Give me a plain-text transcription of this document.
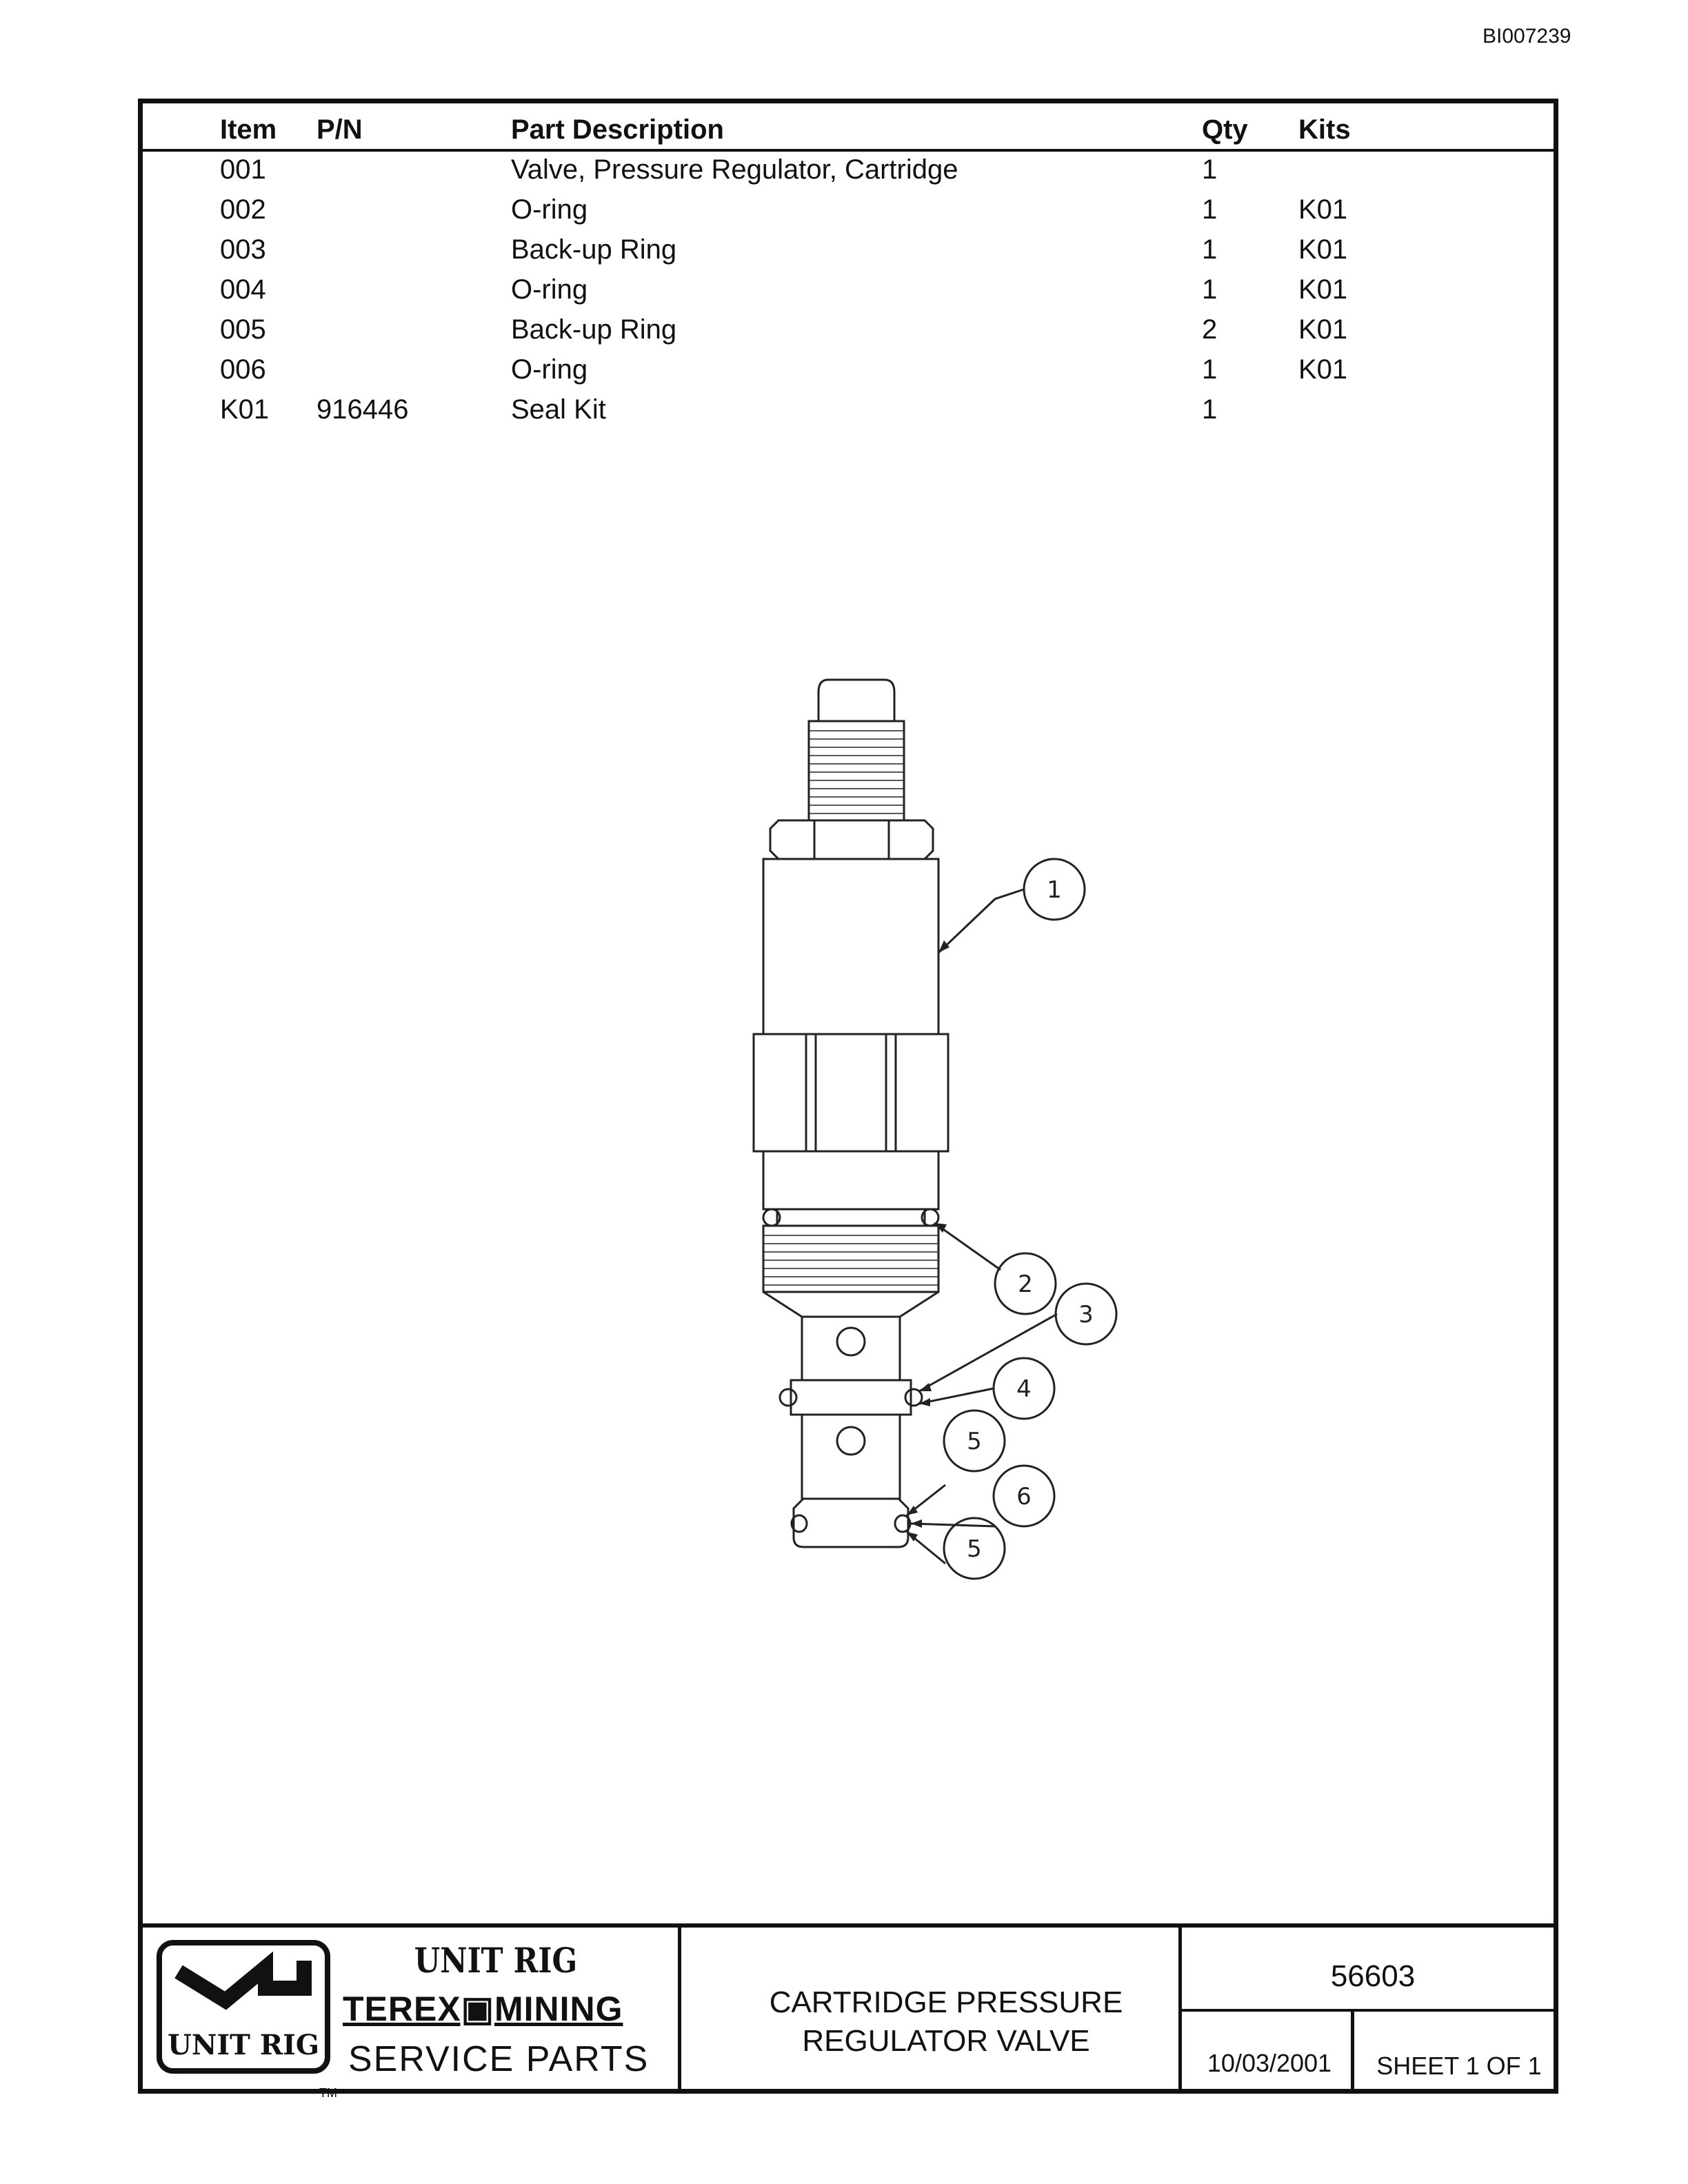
BI007239
Item P/N	Part Description	Qty Kits
001	Valve, Pressure Regulator, Cartridge	1
002	O-ring	1	K01
003	Back-up Ring	1	K01
004	O-ring	1	K01
005	Back-up Ring	2	K01
006	O-ring	1	K01
K01 916446	Seal Kit	1
1
2
3
4
5
6
5
UNIT RIG
TM
UNIT RIG
TEREX▣MINING
SERVICE PARTS
CARTRIDGE PRESSURE
REGULATOR VALVE
56603
10/03/2001	SHEET 1 OF 1
